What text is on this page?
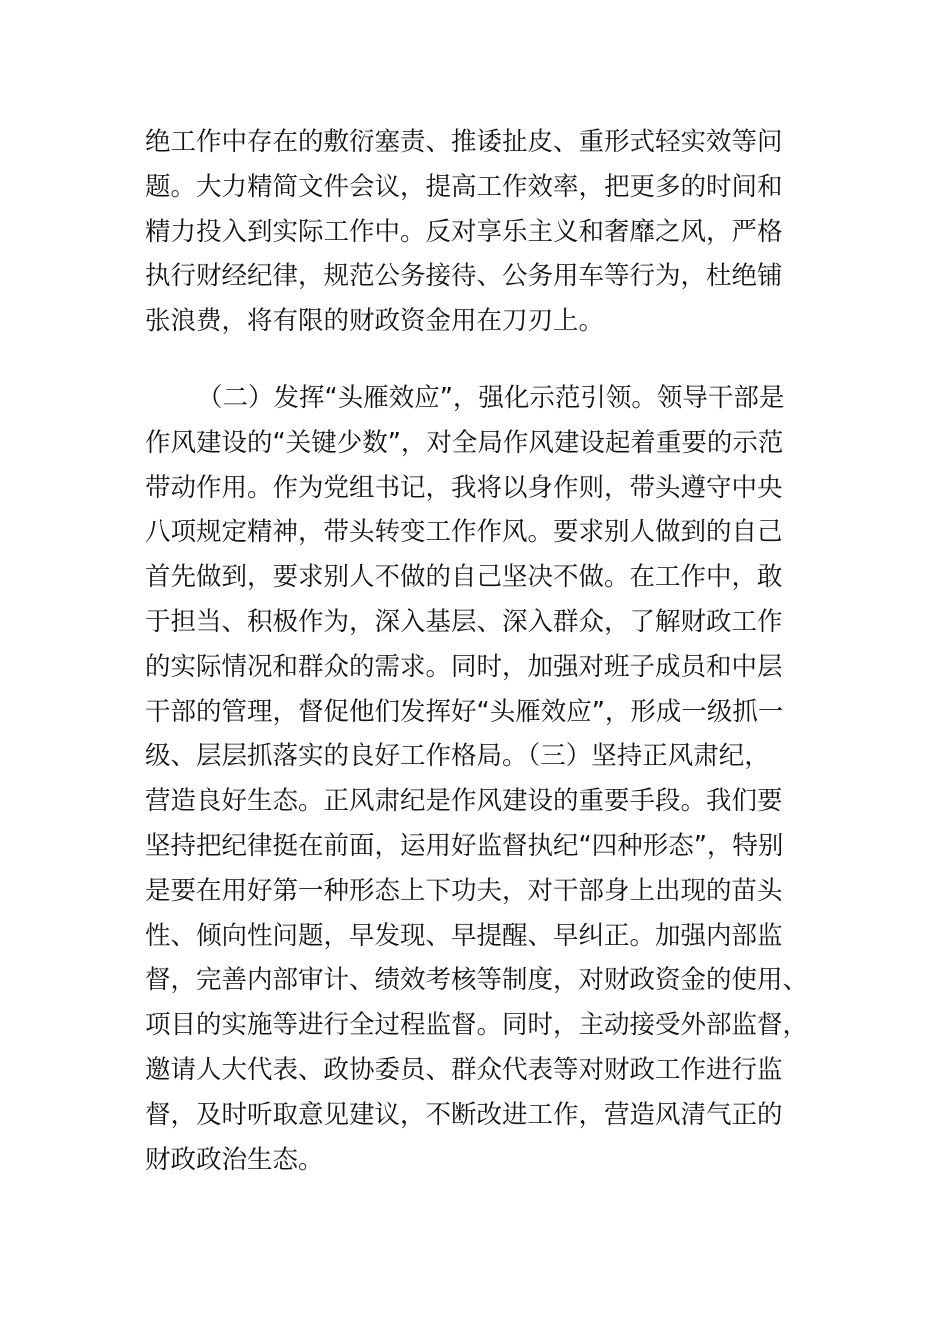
绝工作中存在的敷衍塞责、推诿扯皮、重形式轻实效等问
题。大力精简文件会议，提高工作效率，把更多的时间和
精力投入到实际工作中。反对享乐主义和奢靡之风，严格
执行财经纪律，规范公务接待、公务用车等行为，杜绝铺
张浪费，将有限的财政资金用在刀刃上。
（二）发挥“头雁效应”，强化示范引领。领导干部是
作风建设的“关键少数”，对全局作风建设起着重要的示范
带动作用。作为党组书记，我将以身作则，带头遵守中央
八项规定精神，带头转变工作作风。要求别人做到的自己
首先做到，要求别人不做的自己坚决不做。在工作中，敢
于担当、积极作为，深入基层、深入群众，了解财政工作
的实际情况和群众的需求。同时，加强对班子成员和中层
干部的管理，督促他们发挥好“头雁效应”，形成一级抓一
级、层层抓落实的良好工作格局。（三）坚持正风肃纪，
营造良好生态。正风肃纪是作风建设的重要手段。我们要
坚持把纪律挺在前面，运用好监督执纪“四种形态”，特别
是要在用好第一种形态上下功夫，对干部身上出现的苗头
性、倾向性问题，早发现、早提醒、早纠正。加强内部监
督，完善内部审计、绩效考核等制度，对财政资金的使用、
项目的实施等进行全过程监督。同时，主动接受外部监督，
邀请人大代表、政协委员、群众代表等对财政工作进行监
督，及时听取意见建议，不断改进工作，营造风清气正的
财政政治生态。
